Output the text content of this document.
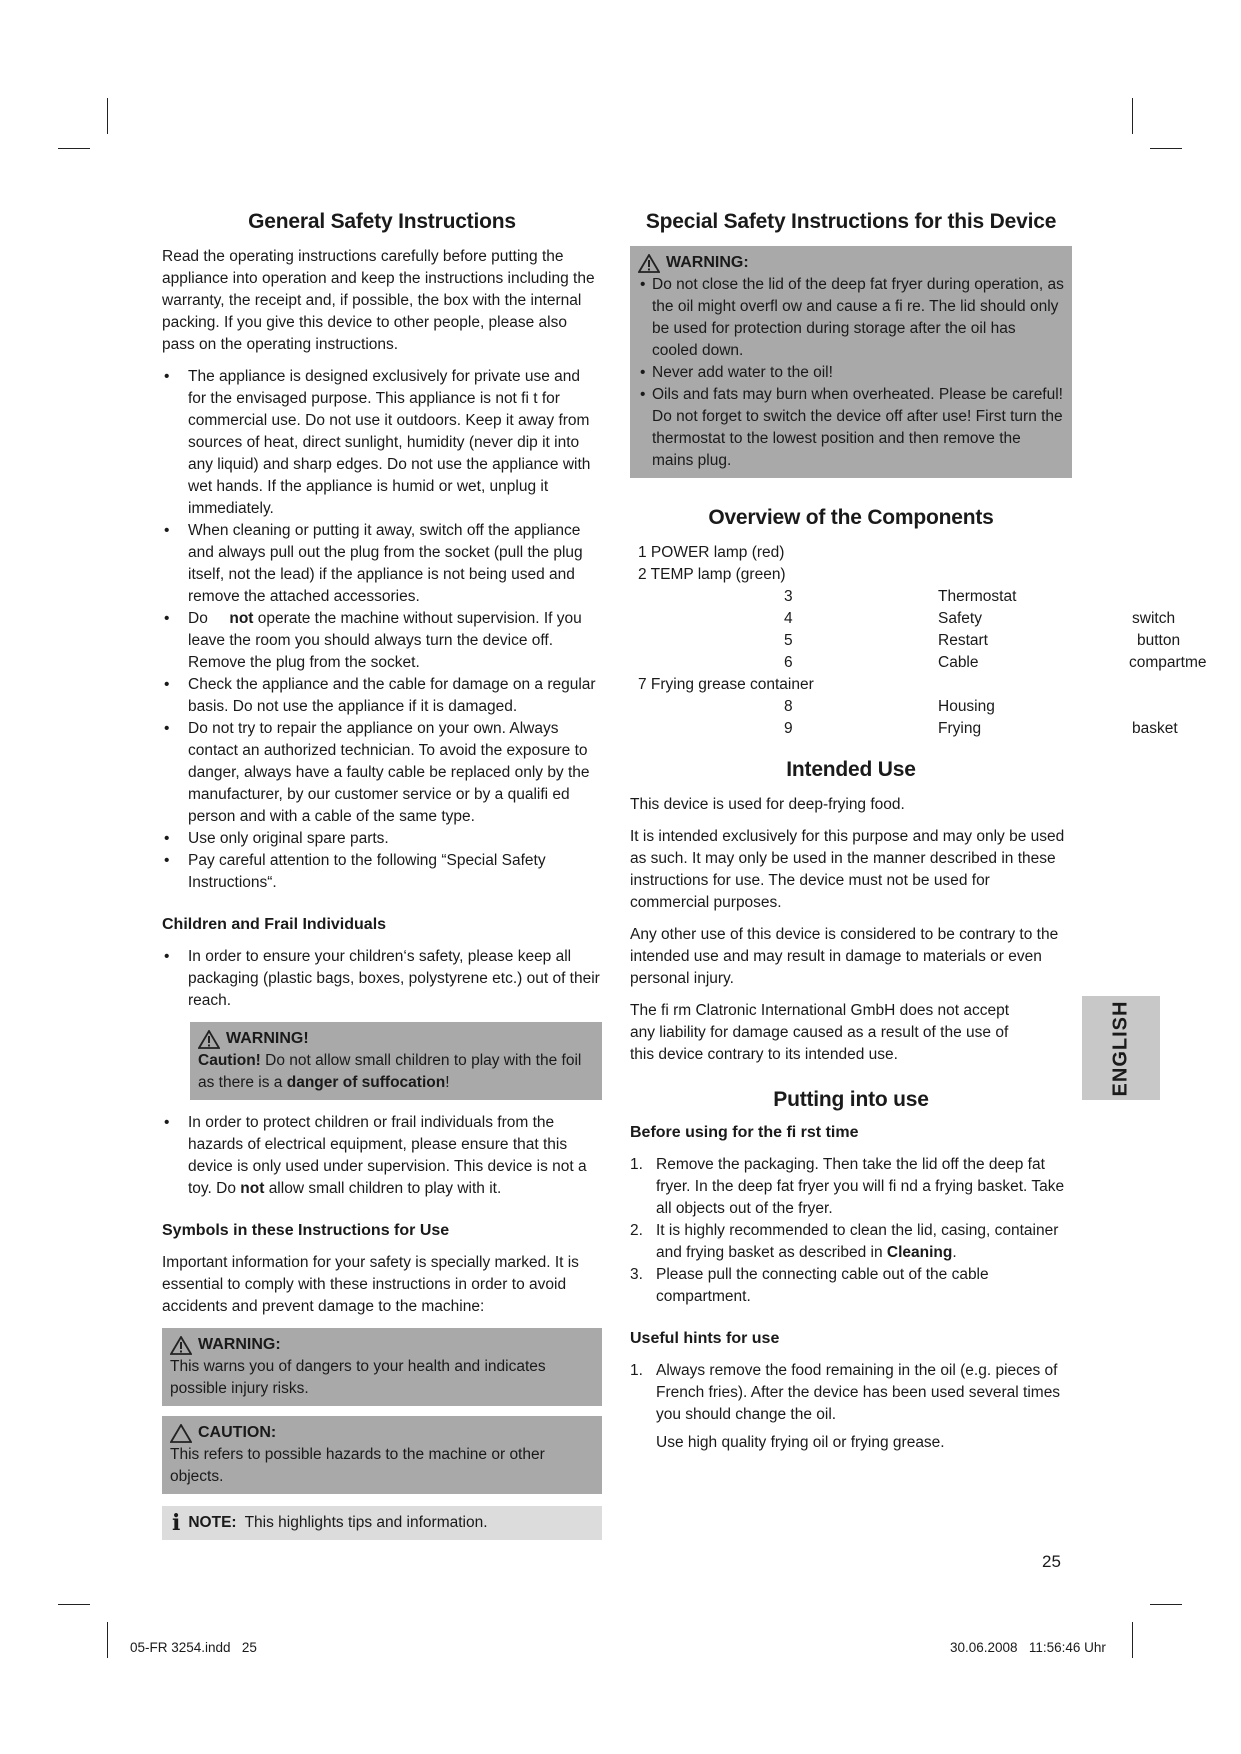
General Safety Instructions

Read the operating instructions carefully before putting the appliance into operation and keep the instructions including the warranty, the receipt and, if possible, the box with the internal packing. If you give this device to other people, please also pass on the operating instructions.

• The appliance is designed exclusively for private use and for the envisaged purpose. This appliance is not fi t for commercial use. Do not use it outdoors. Keep it away from sources of heat, direct sunlight, humidity (never dip it into any liquid) and sharp edges. Do not use the appliance with wet hands. If the appliance is humid or wet, unplug it immediately.
• When cleaning or putting it away, switch off the appliance and always pull out the plug from the socket (pull the plug itself, not the lead) if the appliance is not being used and remove the attached accessories.
• Do not operate the machine without supervision. If you leave the room you should always turn the device off. Remove the plug from the socket.
• Check the appliance and the cable for damage on a regular basis. Do not use the appliance if it is damaged.
• Do not try to repair the appliance on your own. Always contact an authorized technician. To avoid the exposure to danger, always have a faulty cable be replaced only by the manufacturer, by our customer service or by a qualifi ed person and with a cable of the same type.
• Use only original spare parts.
• Pay careful attention to the following “Special Safety Instructions“.
Children and Frail Individuals
• In order to ensure your children‘s safety, please keep all packaging (plastic bags, boxes, polystyrene etc.) out of their reach.
WARNING!
Caution! Do not allow small children to play with the foil as there is a danger of suffocation!
• In order to protect children or frail individuals from the hazards of electrical equipment, please ensure that this device is only used under supervision. This device is not a toy. Do not allow small children to play with it.
Symbols in these Instructions for Use

Important information for your safety is specially marked. It is essential to comply with these instructions in order to avoid accidents and prevent damage to the machine:

WARNING:
This warns you of dangers to your health and indicates possible injury risks.
CAUTION:
This refers to possible hazards to the machine or other objects.
i NOTE: This highlights tips and information.
Special Safety Instructions for this Device
WARNING:
• Do not close the lid of the deep fat fryer during operation, as the oil might overfl ow and cause a fi re. The lid should only be used for protection during storage after the oil has cooled down.
• Never add water to the oil!
• Oils and fats may burn when overheated. Please be careful! Do not forget to switch the device off after use! First turn the thermostat to the lowest position and then remove the mains plug.
Overview of the Components
1 POWER lamp (red)
2 TEMP lamp (green)
3	Thermostat
4	Safety	switch
5	Restart	button
6	Cable	compartme
7 Frying grease container
8	Housing
9	Frying	basket
Intended Use

This device is used for deep-frying food.

It is intended exclusively for this purpose and may only be used as such. It may only be used in the manner described in these instructions for use. The device must not be used for commercial purposes.

Any other use of this device is considered to be contrary to the intended use and may result in damage to materials or even personal injury.

The fi rm Clatronic International GmbH does not accept any liability for damage caused as a result of the use of this device contrary to its intended use.

Putting into use
Before using for the fi rst time
1. Remove the packaging. Then take the lid off the deep fat fryer. In the deep fat fryer you will fi nd a frying basket. Take all objects out of the fryer.
2. It is highly recommended to clean the lid, casing, container and frying basket as described in Cleaning.
3. Please pull the connecting cable out of the cable compartment.
Useful hints for use
1. Always remove the food remaining in the oil (e.g. pieces of French fries). After the device has been used several times you should change the oil.

Use high quality frying oil or frying grease.

ENGLISH
25
05-FR 3254.indd   25	30.06.2008   11:56:46 Uhr
